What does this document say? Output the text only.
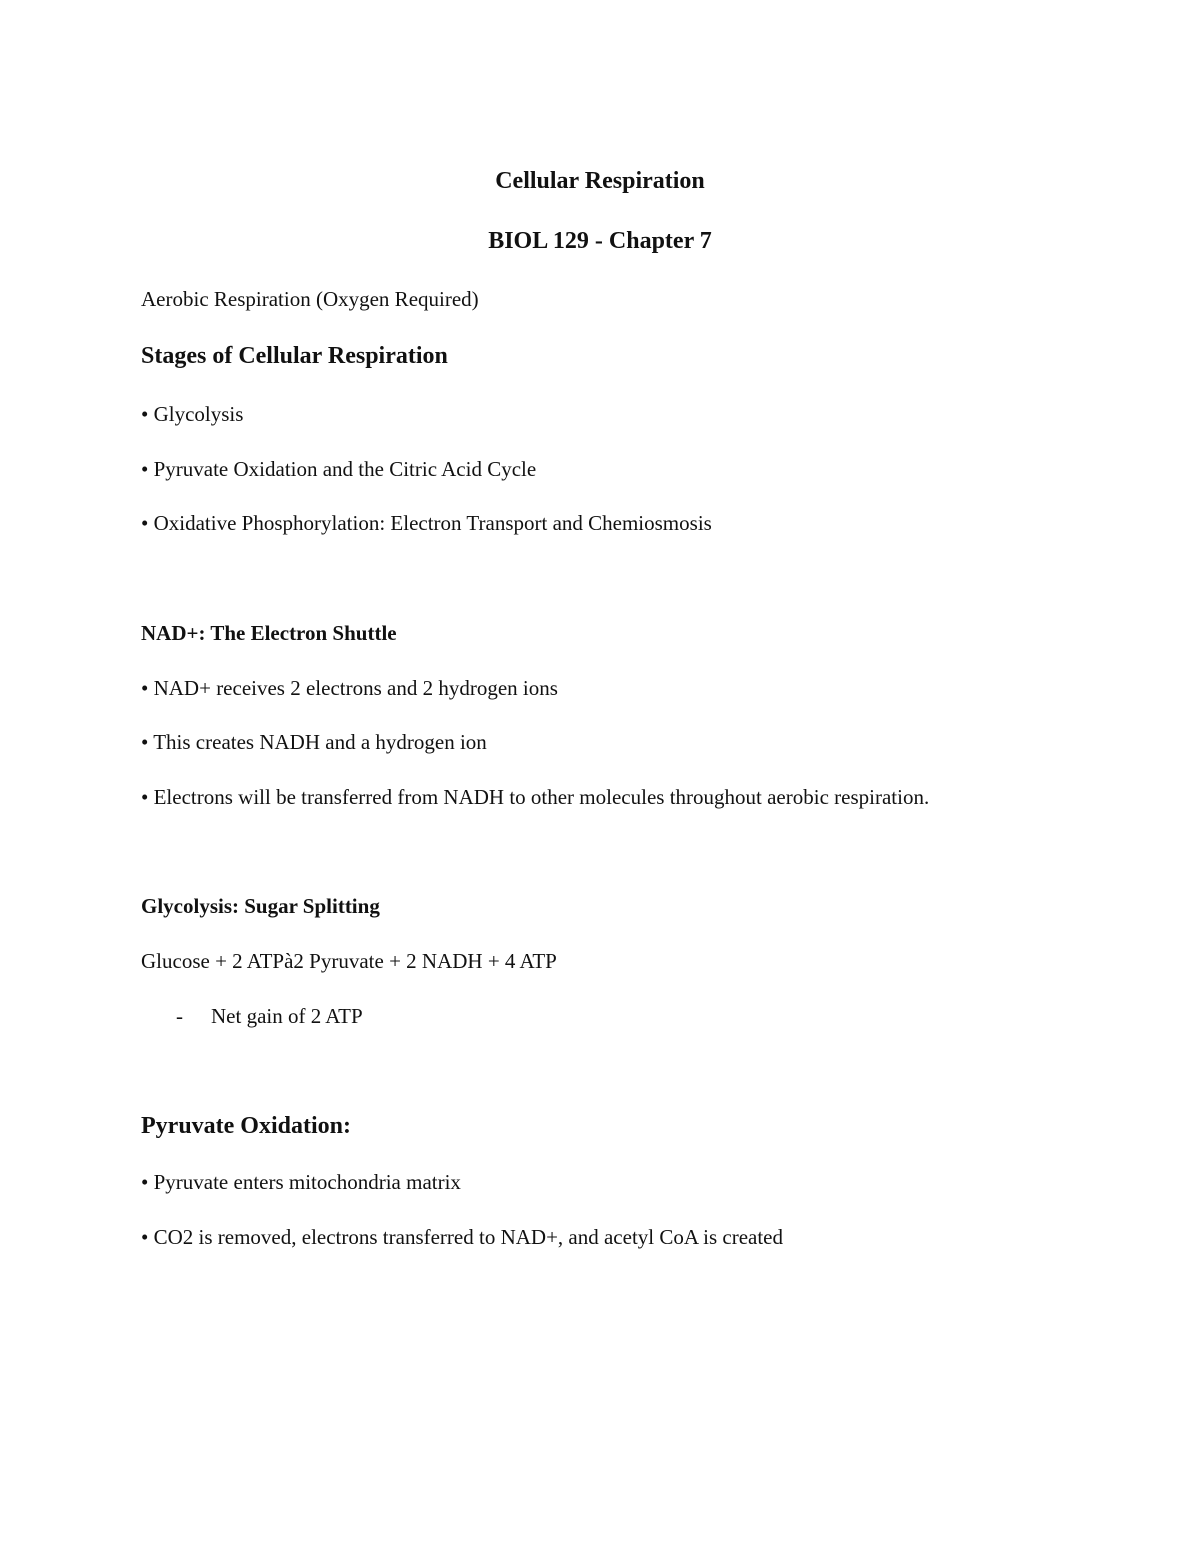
Cellular Respiration
BIOL 129 - Chapter 7
Aerobic Respiration (Oxygen Required)
Stages of Cellular Respiration
• Glycolysis
• Pyruvate Oxidation and the Citric Acid Cycle
• Oxidative Phosphorylation: Electron Transport and Chemiosmosis
NAD+: The Electron Shuttle
• NAD+ receives 2 electrons and 2 hydrogen ions
• This creates NADH and a hydrogen ion
• Electrons will be transferred from NADH to other molecules throughout aerobic respiration.
Glycolysis: Sugar Splitting
Glucose + 2 ATPà2 Pyruvate + 2 NADH + 4 ATP
- Net gain of 2 ATP
Pyruvate Oxidation:
• Pyruvate enters mitochondria matrix
• CO2 is removed, electrons transferred to NAD+, and acetyl CoA is created
